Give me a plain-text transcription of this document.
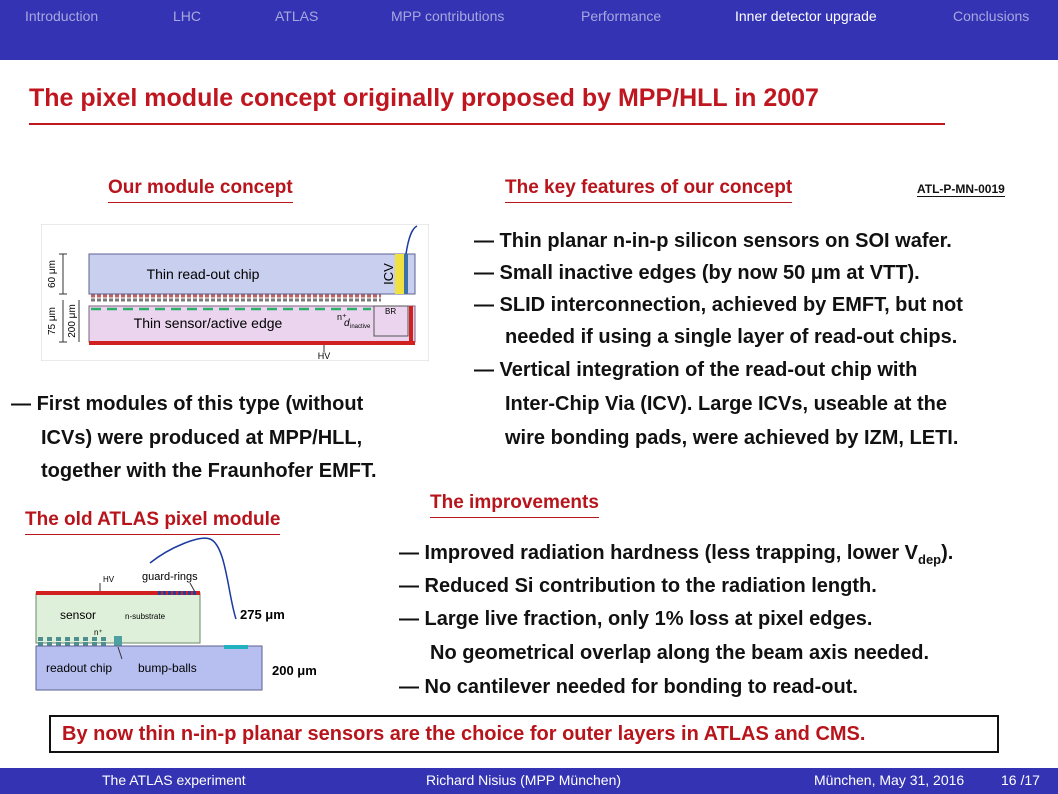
Introduction	LHC	ATLAS	MPP contributions	Performance	Inner detector upgrade	Conclusions
The pixel module concept originally proposed by MPP/HLL in 2007
Our module concept
60 μm
75 μm 200 μm
Thin read-out chip	ICV
Thin sensor/active edge	n⁺
d inactive
BR
HV
— First modules of this type (without
ICVs) were produced at MPP/HLL,
together with the Fraunhofer EMFT.
The key features of our concept	ATL-P-MN-0019
— Thin planar n-in-p silicon sensors on SOI wafer.
— Small inactive edges (by now 50 μm at VTT).
— SLID interconnection, achieved by EMFT, but not
needed if using a single layer of read-out chips.
— Vertical integration of the read-out chip with
Inter-Chip Via (ICV). Large ICVs, useable at the
wire bonding pads, were achieved by IZM, LETI.
The old ATLAS pixel module
HV	guard-rings
sensor	n-substrate
n⁺
readout chip bump-balls
275 μm
200 μm
The improvements
— Improved radiation hardness (less trapping, lower $V_{dep}$).
— Reduced Si contribution to the radiation length.
— Large live fraction, only 1% loss at pixel edges.
No geometrical overlap along the beam axis needed.
— No cantilever needed for bonding to read-out.
By now thin n-in-p planar sensors are the choice for outer layers in ATLAS and CMS.
The ATLAS experiment	Richard Nisius (MPP München)	München, May 31, 2016	16 /17
